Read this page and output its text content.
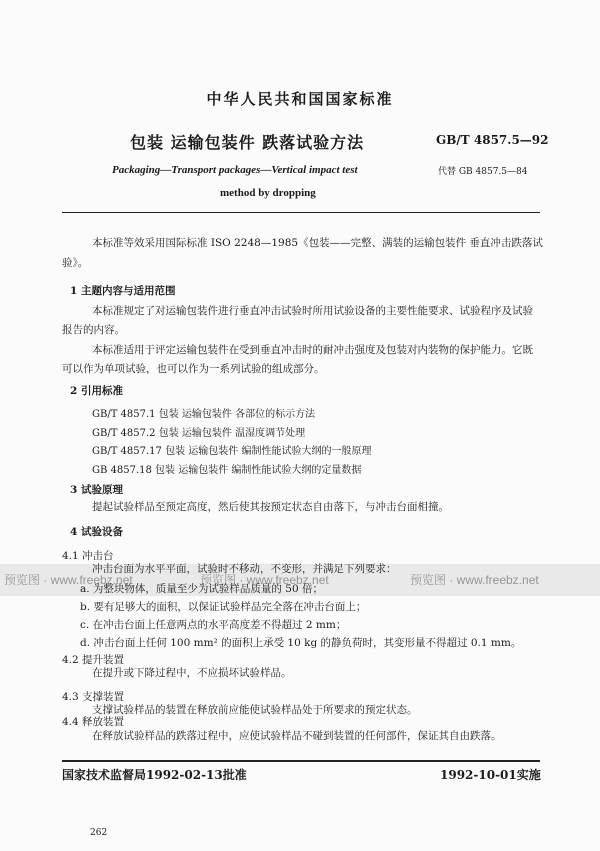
预览图 · www.freebz.net	预览图 · www.freebz.net	预览图 · www.freebz.net
中华人民共和国国家标准
包装 运输包装件 跌落试验方法	GB/T 4857.5—92
Packaging—Transport packages—Vertical impact test	代替 GB 4857.5—84
method by dropping
本标准等效采用国际标准 ISO 2248—1985《包装——完整、满装的运输包装件 垂直冲击跌落试
验》。
1 主题内容与适用范围
本标准规定了对运输包装件进行垂直冲击试验时所用试验设备的主要性能要求、试验程序及试验
报告的内容。
本标准适用于评定运输包装件在受到垂直冲击时的耐冲击强度及包装对内装物的保护能力。它既
可以作为单项试验，也可以作为一系列试验的组成部分。
2 引用标准
GB/T 4857.1 包装 运输包装件 各部位的标示方法
GB/T 4857.2 包装 运输包装件 温湿度调节处理
GB/T 4857.17 包装 运输包装件 编制性能试验大纲的一般原理
GB 4857.18 包装 运输包装件 编制性能试验大纲的定量数据
3 试验原理
提起试验样品至预定高度，然后使其按预定状态自由落下，与冲击台面相撞。
4 试验设备
4.1 冲击台
冲击台面为水平平面，试验时不移动，不变形，并满足下列要求：
a. 为整块物体，质量至少为试验样品质量的 50 倍；
b. 要有足够大的面积，以保证试验样品完全落在冲击台面上；
c. 在冲击台面上任意两点的水平高度差不得超过 2 mm；
d. 冲击台面上任何 100 mm² 的面积上承受 10 kg 的静负荷时，其变形量不得超过 0.1 mm。
4.2 提升装置
在提升或下降过程中，不应损坏试验样品。
4.3 支撑装置
支撑试验样品的装置在释放前应能使试验样品处于所要求的预定状态。
4.4 释放装置
在释放试验样品的跌落过程中，应使试验样品不碰到装置的任何部件，保证其自由跌落。
国家技术监督局1992-02-13批准	1992-10-01实施
262
